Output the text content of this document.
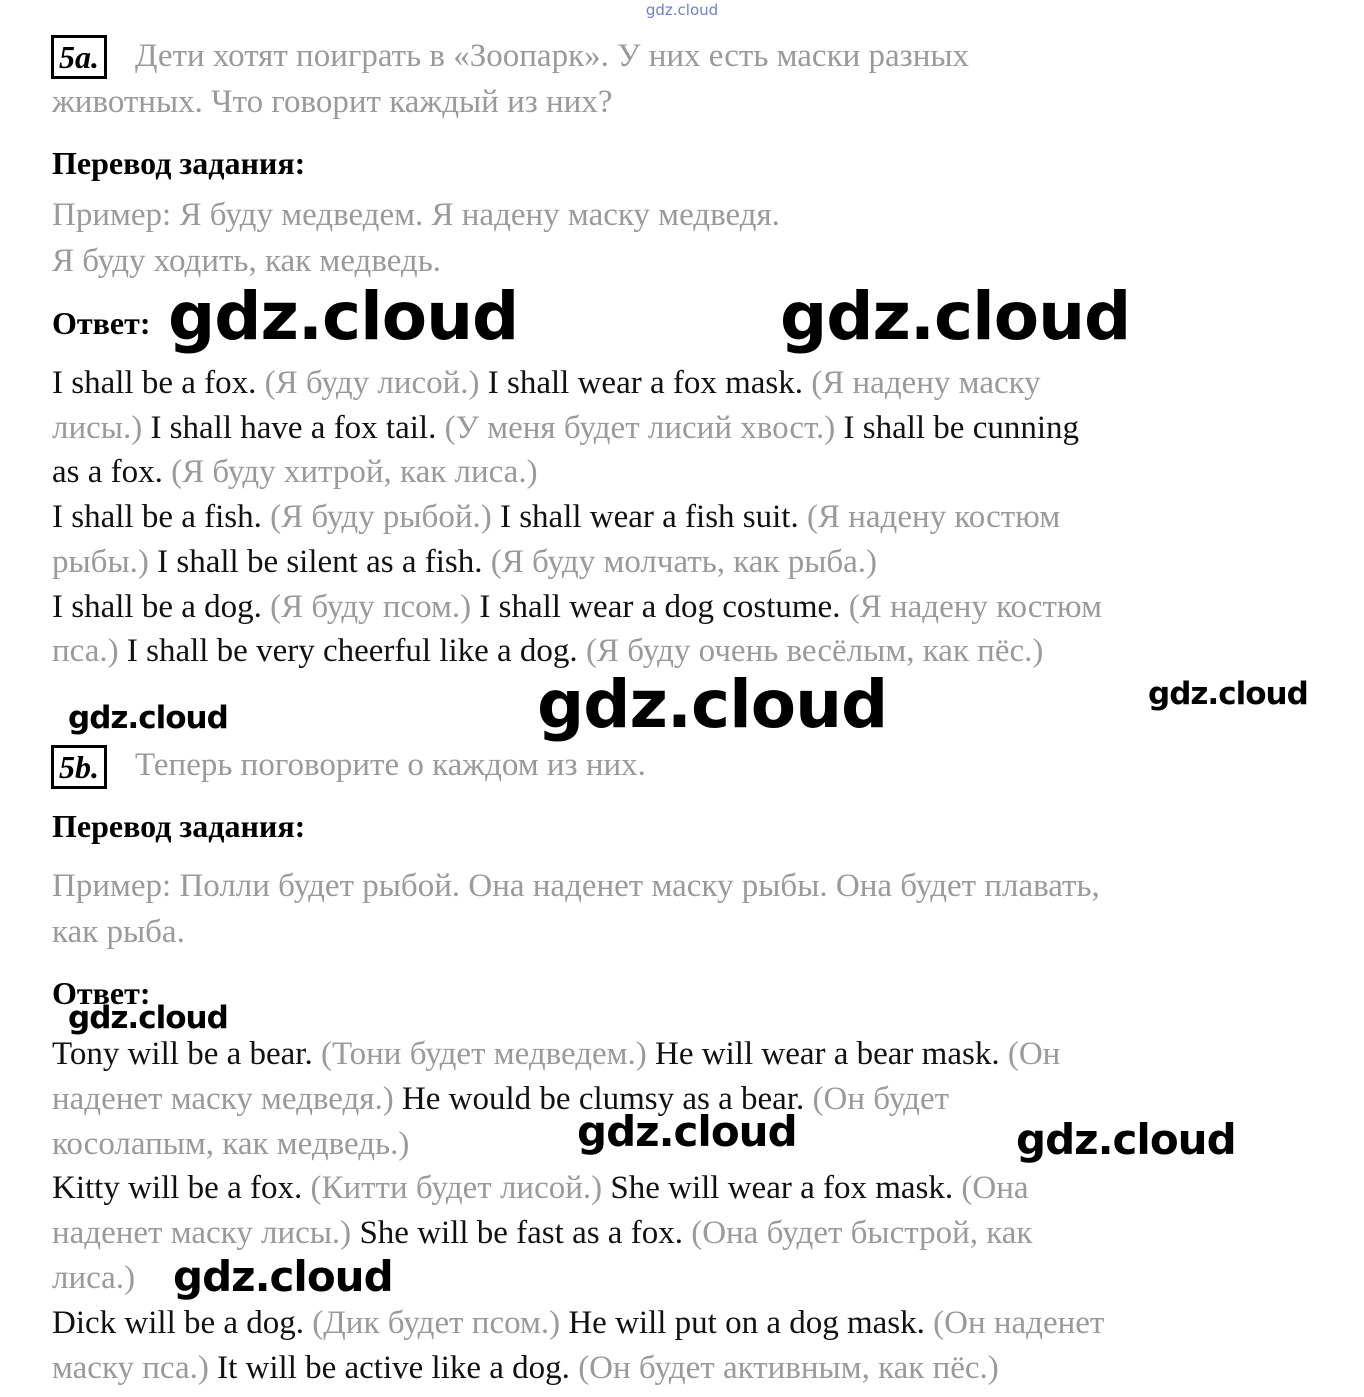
gdz.cloud
5a. Дети хотят поиграть в «Зоопарк». У них есть маски разных
животных. Что говорит каждый из них?
Перевод задания:
Пример: Я буду медведем. Я надену маску медведя.
Я буду ходить, как медведь.
Ответ:
I shall be a fox. (Я буду лисой.) I shall wear a fox mask. (Я надену маску
лисы.) I shall have a fox tail. (У меня будет лисий хвост.) I shall be cunning
as a fox. (Я буду хитрой, как лиса.)
I shall be a fish. (Я буду рыбой.) I shall wear a fish suit. (Я надену костюм
рыбы.) I shall be silent as a fish. (Я буду молчать, как рыба.)
I shall be a dog. (Я буду псом.) I shall wear a dog costume. (Я надену костюм
пса.) I shall be very cheerful like a dog. (Я буду очень весёлым, как пёс.)
5b. Теперь поговорите о каждом из них.
Перевод задания:
Пример: Полли будет рыбой. Она наденет маску рыбы. Она будет плавать,
как рыба.
Ответ:
Tony will be a bear. (Тони будет медведем.) He will wear a bear mask. (Он
наденет маску медведя.) He would be clumsy as a bear. (Он будет
косолапым, как медведь.)
Kitty will be a fox. (Китти будет лисой.) She will wear a fox mask. (Она
наденет маску лисы.) She will be fast as a fox. (Она будет быстрой, как
лиса.)
Dick will be a dog. (Дик будет псом.) He will put on a dog mask. (Он наденет
маску пса.) It will be active like a dog. (Он будет активным, как пёс.)
gdz.cloud	gdz.cloud
gdz.cloud
gdz.cloud
gdz.cloud
gdz.cloud
gdz.cloud	gdz.cloud
gdz.cloud
